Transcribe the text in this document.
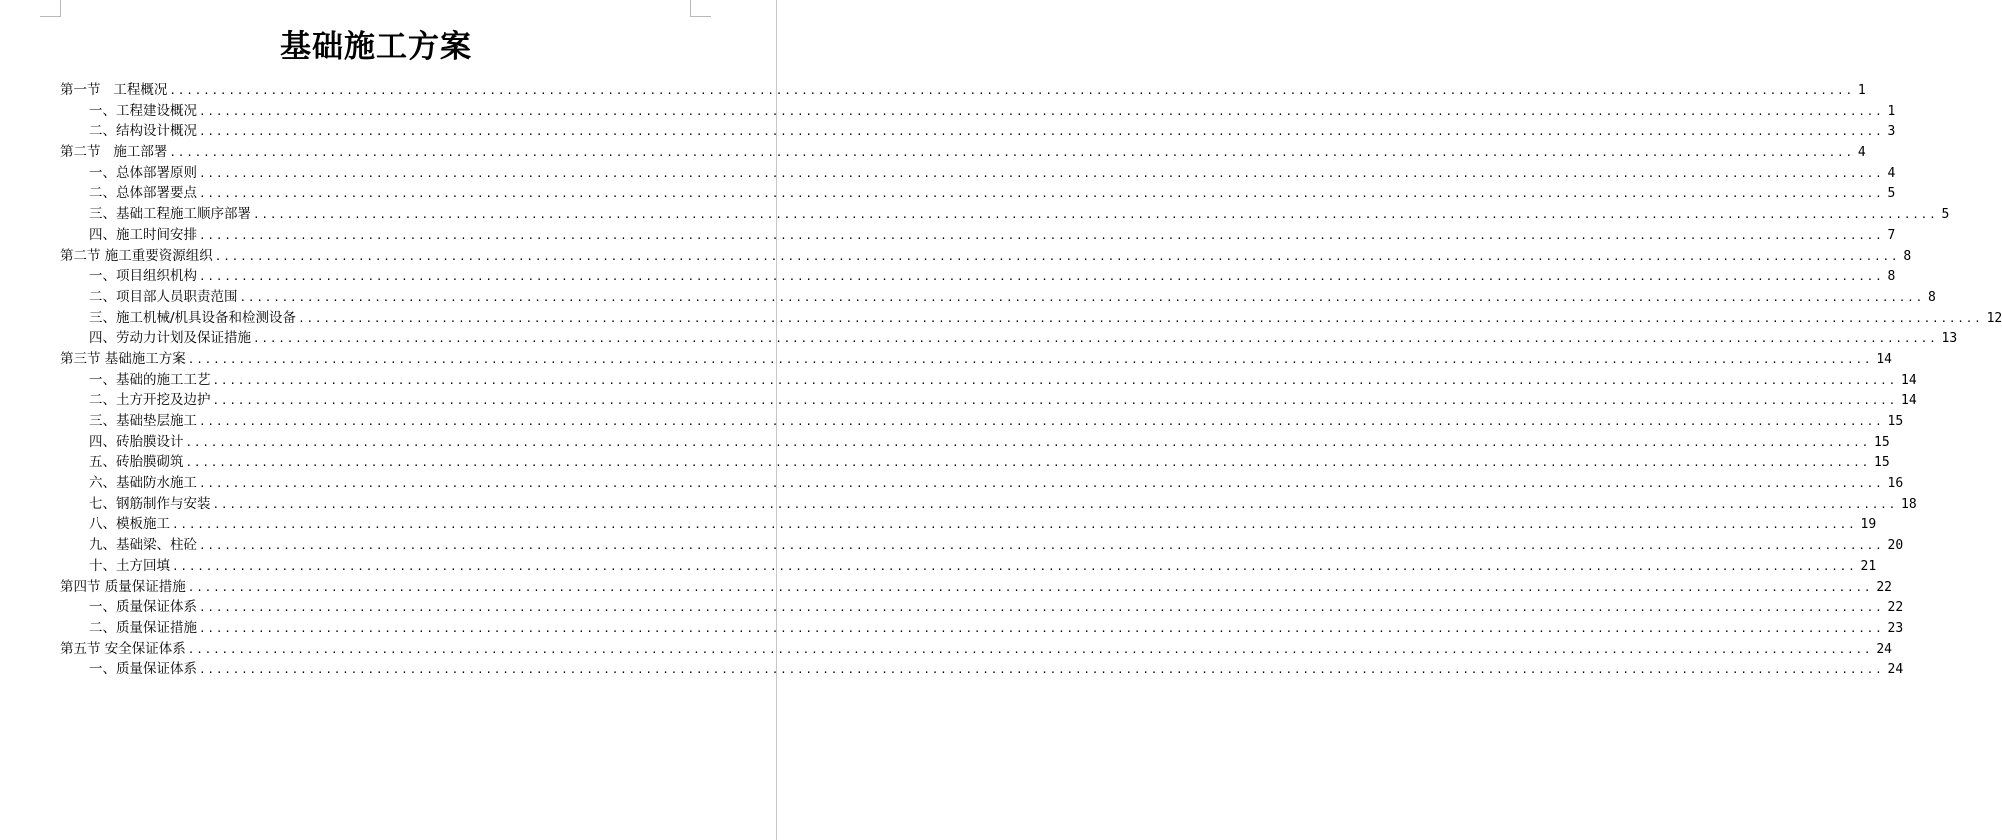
基础施工方案
第一节   工程概况 ........................................................................................................................................................................................................ 1
一、工程建设概况 ........................................................................................................................................................................................................ 1
二、结构设计概况 ........................................................................................................................................................................................................ 3
第二节   施工部署 ........................................................................................................................................................................................................ 4
一、总体部署原则 ........................................................................................................................................................................................................ 4
二、总体部署要点 ........................................................................................................................................................................................................ 5
三、基础工程施工顺序部署 ........................................................................................................................................................................................................ 5
四、施工时间安排 ........................................................................................................................................................................................................ 7
第二节 施工重要资源组织 ........................................................................................................................................................................................................ 8
一、项目组织机构 ........................................................................................................................................................................................................ 8
二、项目部人员职责范围 ........................................................................................................................................................................................................ 8
三、施工机械/机具设备和检测设备 ........................................................................................................................................................................................................ 12
四、劳动力计划及保证措施 ........................................................................................................................................................................................................ 13
第三节 基础施工方案 ........................................................................................................................................................................................................ 14
一、基础的施工工艺 ........................................................................................................................................................................................................ 14
二、土方开挖及边护 ........................................................................................................................................................................................................ 14
三、基础垫层施工 ........................................................................................................................................................................................................ 15
四、砖胎膜设计 ........................................................................................................................................................................................................ 15
五、砖胎膜砌筑 ........................................................................................................................................................................................................ 15
六、基础防水施工 ........................................................................................................................................................................................................ 16
七、钢筋制作与安装 ........................................................................................................................................................................................................ 18
八、模板施工 ........................................................................................................................................................................................................ 19
九、基础梁、柱砼 ........................................................................................................................................................................................................ 20
十、土方回填 ........................................................................................................................................................................................................ 21
第四节 质量保证措施 ........................................................................................................................................................................................................ 22
一、质量保证体系 ........................................................................................................................................................................................................ 22
二、质量保证措施 ........................................................................................................................................................................................................ 23
第五节 安全保证体系 ........................................................................................................................................................................................................ 24
一、质量保证体系 ........................................................................................................................................................................................................ 24
